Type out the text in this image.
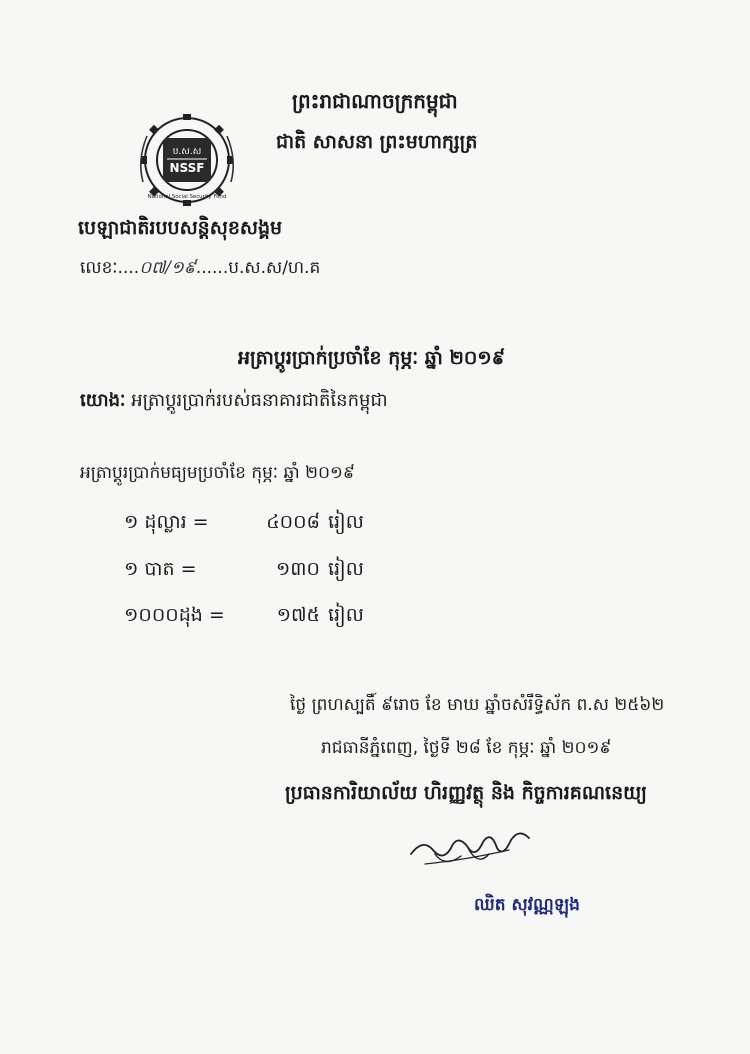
ព្រះរាជាណាចក្រកម្ពុជា
ជាតិ សាសនា ព្រះមហាក្សត្រ
ប.ស.ស
NSSF
National Social Security Fund
បេឡាជាតិរបបសន្តិសុខសង្គម
លេខៈ....០៧/១៩......ប.ស.ស/ហ.គ
អត្រាប្តូរប្រាក់ប្រចាំខែ កុម្ភៈ ឆ្នាំ ២០១៩
យោងៈ អត្រាប្តូរប្រាក់របស់ធនាគារជាតិនៃកម្ពុជា
អត្រាប្តូរប្រាក់មធ្យមប្រចាំខែ កុម្ភៈ ឆ្នាំ ២០១៩
១ ដុល្លារ =	៤០០៨ រៀល
១ បាត =	១៣០ រៀល
១០០០ដុង =	១៧៥ រៀល
ថ្ងៃ ព្រហស្បតិ៍ ៩រោច ខែ មាឃ ឆ្នាំចសំរឹទ្ធិស័ក ព.ស ២៥៦២
រាជធានីភ្នំពេញ, ថ្ងៃទី ២៨ ខែ កុម្ភៈ ឆ្នាំ ២០១៩
ប្រធានការិយាល័យ ហិរញ្ញវត្ថុ និង កិច្ចការគណនេយ្យ
ឈិត សុវណ្ណឡុង
